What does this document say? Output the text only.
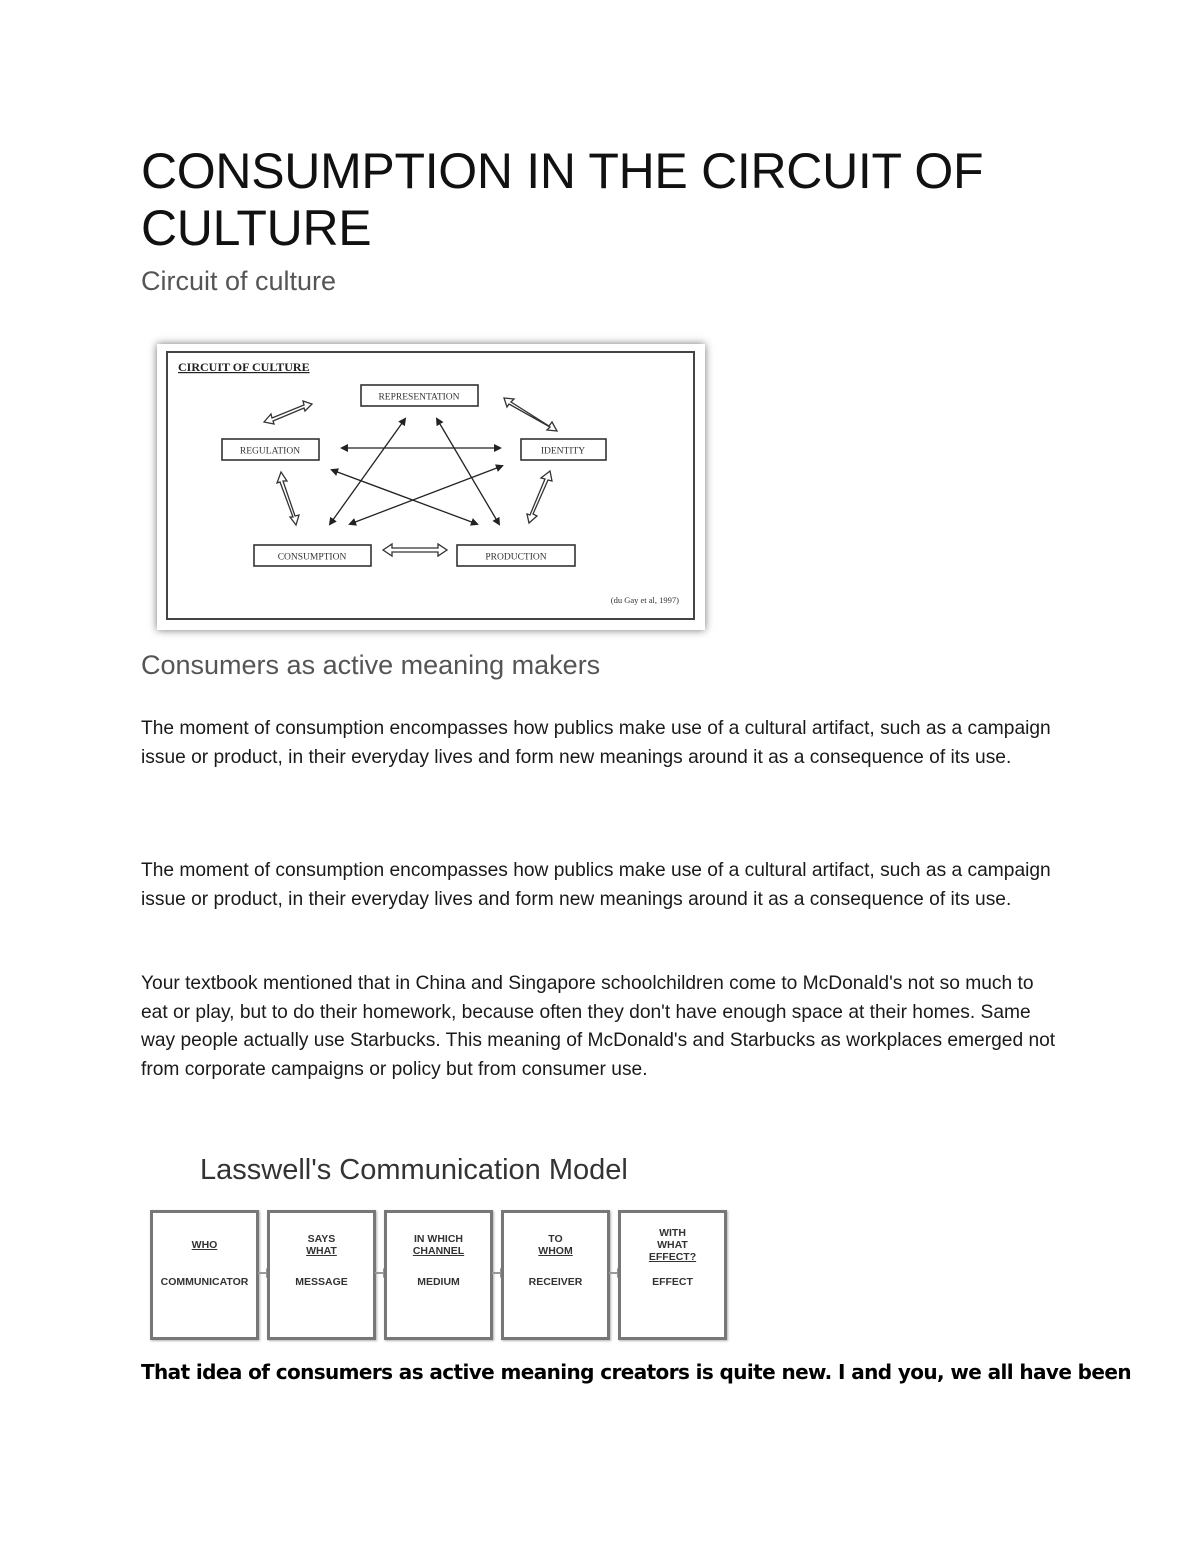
CONSUMPTION IN THE CIRCUIT OF CULTURE
Circuit of culture
CIRCUIT OF CULTURE
REPRESENTATION
REGULATION	IDENTITY
CONSUMPTION	PRODUCTION
(du Gay et al, 1997)
Consumers as active meaning makers

The moment of consumption encompasses how publics make use of a cultural artifact, such as a campaign issue or product, in their everyday lives and form new meanings around it as a consequence of its use.

The moment of consumption encompasses how publics make use of a cultural artifact, such as a campaign issue or product, in their everyday lives and form new meanings around it as a consequence of its use.

Your textbook mentioned that in China and Singapore schoolchildren come to McDonald's not so much to eat or play, but to do their homework, because often they don't have enough space at their homes. Same way people actually use Starbucks. This meaning of McDonald's and Starbucks as workplaces emerged not from corporate campaigns or policy but from consumer use.

Lasswell's Communication Model
WHO
COMMUNICATOR
SAYS
WHAT
MESSAGE
IN WHICH
CHANNEL
MEDIUM
TO
WHOM
RECEIVER
WITH
WHAT
EFFECT?
EFFECT

That idea of consumers as active meaning creators is quite new. I and you, we all have been
